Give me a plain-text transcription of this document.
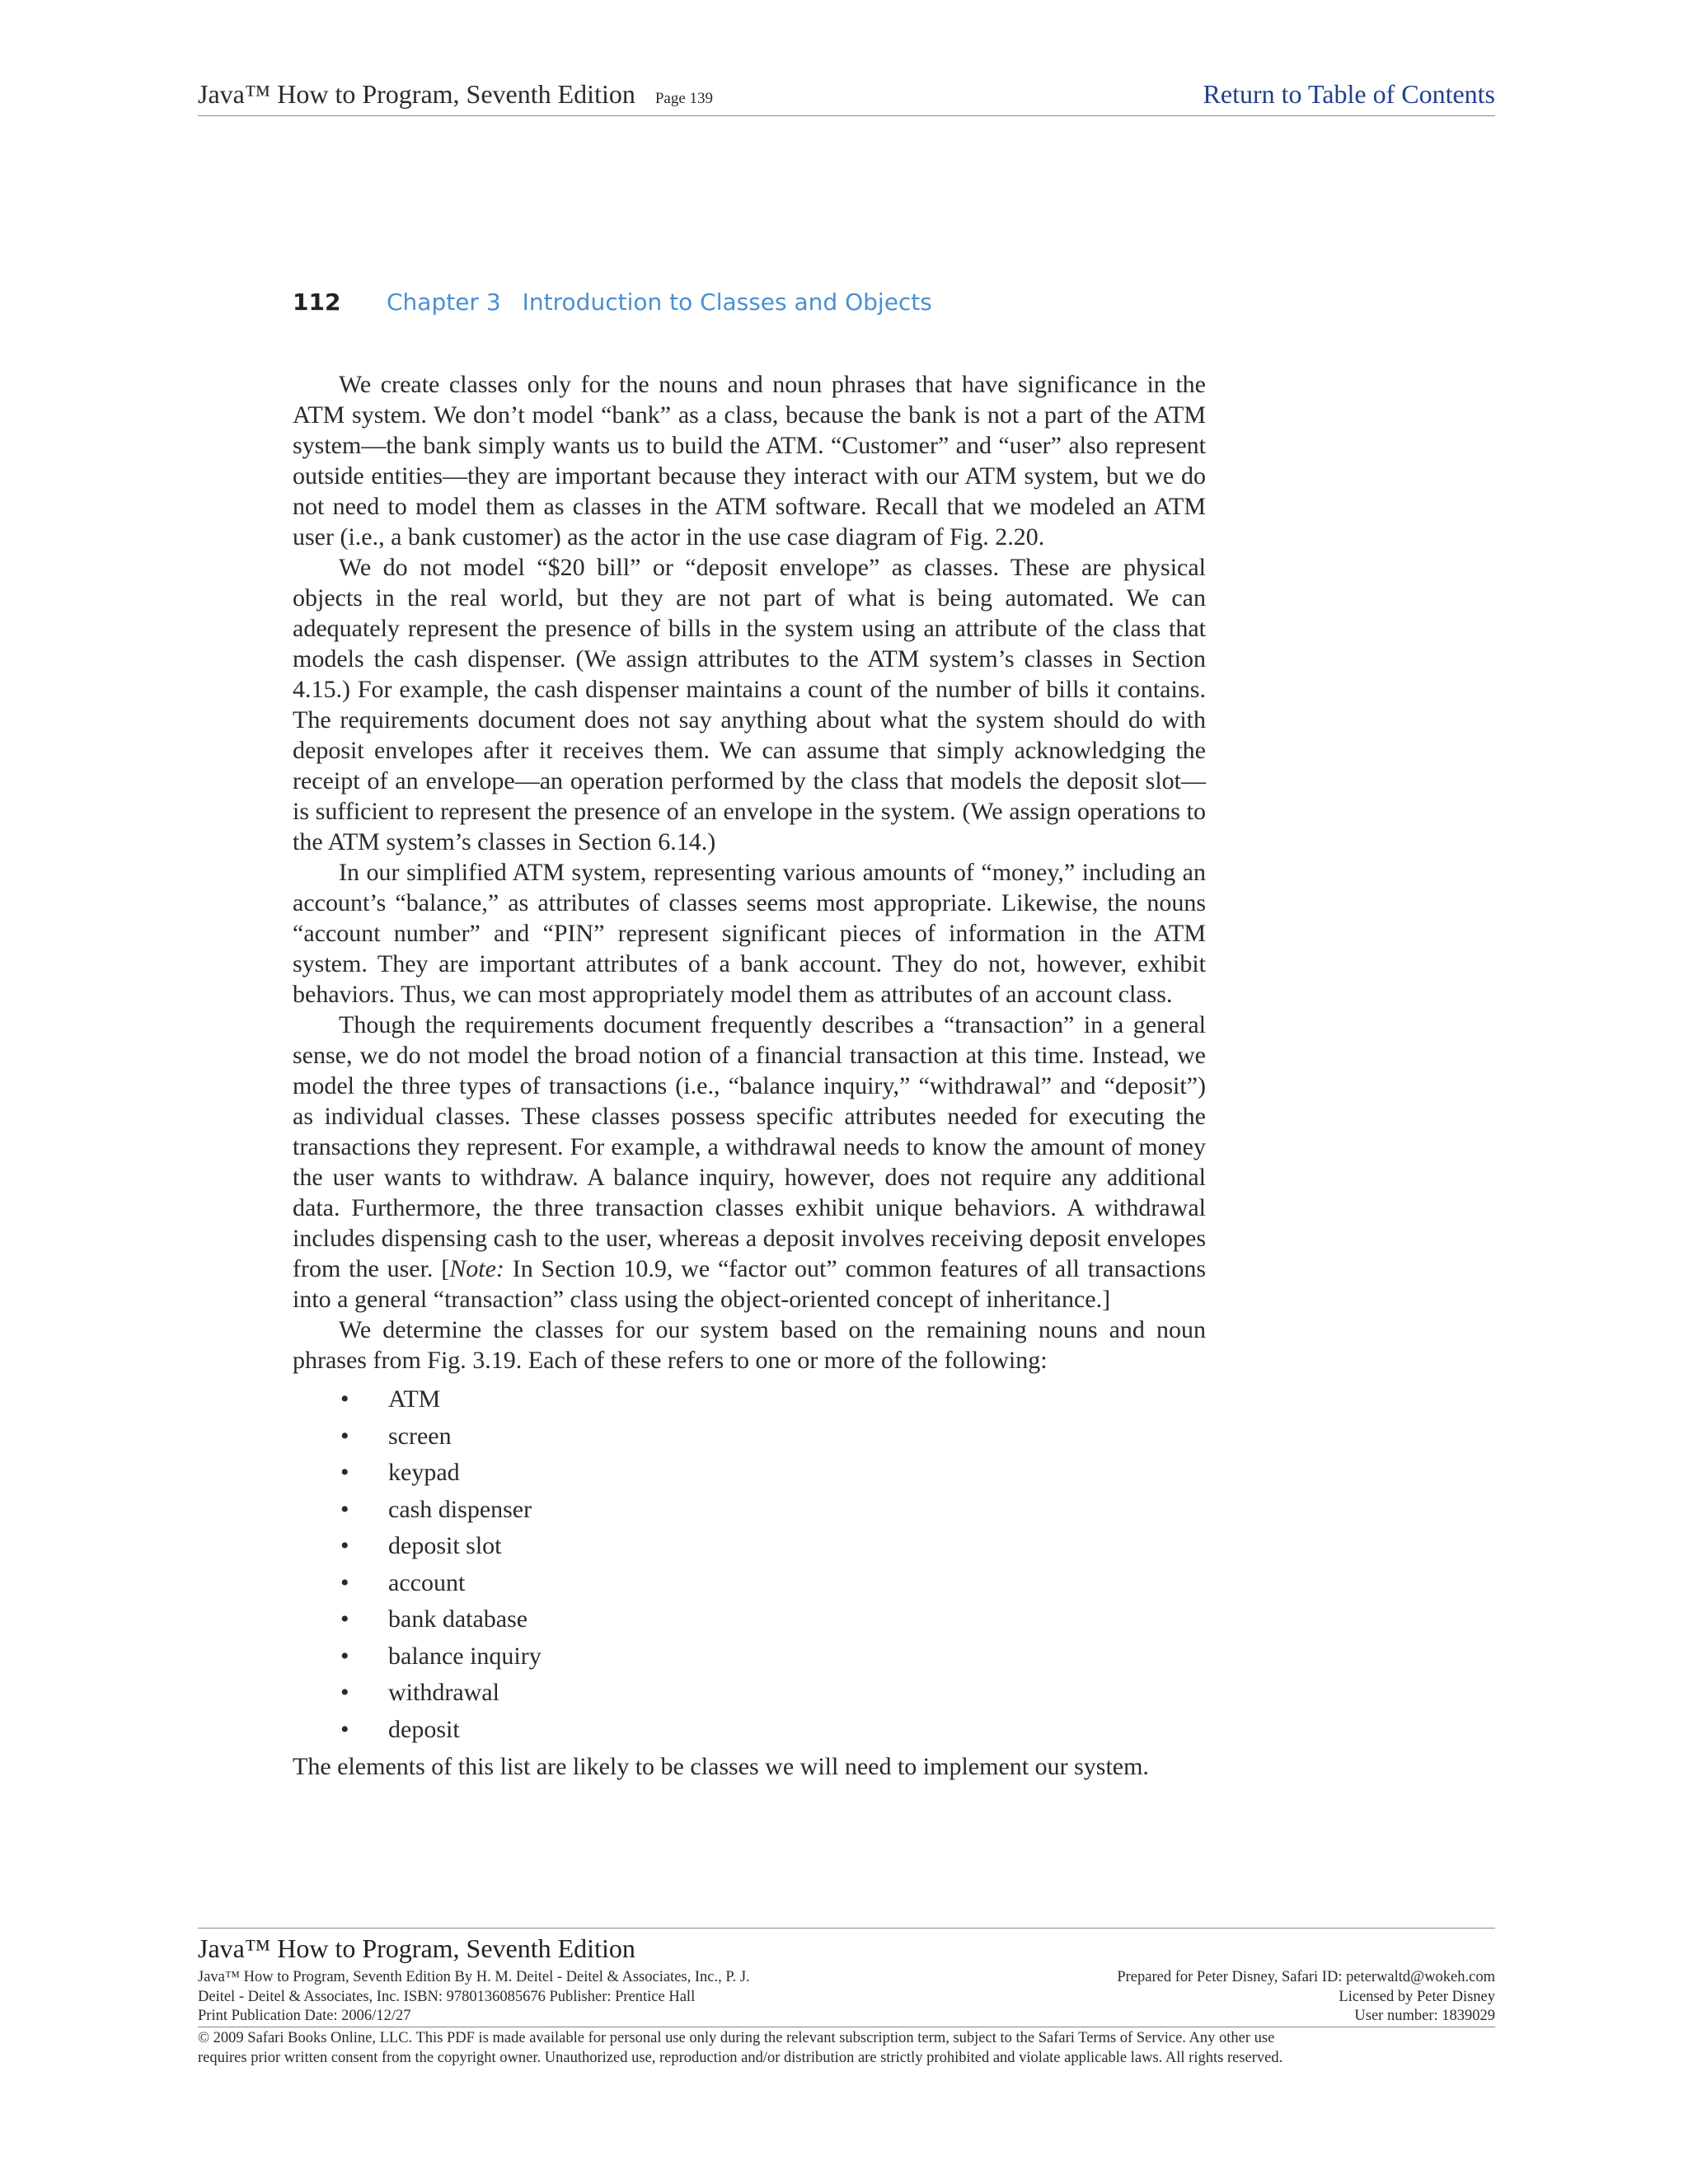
Java™ How to Program, Seventh Edition Page 139	Return to Table of Contents
112 Chapter 3 Introduction to Classes and Objects

We create classes only for the nouns and noun phrases that have significance in the ATM system. We don’t model “bank” as a class, because the bank is not a part of the ATM system—the bank simply wants us to build the ATM. “Customer” and “user” also represent outside entities—they are important because they interact with our ATM system, but we do not need to model them as classes in the ATM software. Recall that we modeled an ATM user (i.e., a bank customer) as the actor in the use case diagram of Fig. 2.20.

We do not model “$20 bill” or “deposit envelope” as classes. These are physical objects in the real world, but they are not part of what is being automated. We can adequately represent the presence of bills in the system using an attribute of the class that models the cash dispenser. (We assign attributes to the ATM system’s classes in Section 4.15.) For example, the cash dispenser maintains a count of the number of bills it contains. The requirements document does not say anything about what the system should do with deposit envelopes after it receives them. We can assume that simply acknowledging the receipt of an envelope—an operation performed by the class that models the deposit slot—is sufficient to represent the presence of an envelope in the system. (We assign operations to the ATM system’s classes in Section 6.14.)

In our simplified ATM system, representing various amounts of “money,” including an account’s “balance,” as attributes of classes seems most appropriate. Likewise, the nouns “account number” and “PIN” represent significant pieces of information in the ATM system. They are important attributes of a bank account. They do not, however, exhibit behaviors. Thus, we can most appropriately model them as attributes of an account class.

Though the requirements document frequently describes a “transaction” in a general sense, we do not model the broad notion of a financial transaction at this time. Instead, we model the three types of transactions (i.e., “balance inquiry,” “withdrawal” and “deposit”) as individual classes. These classes possess specific attributes needed for executing the transactions they represent. For example, a withdrawal needs to know the amount of money the user wants to withdraw. A balance inquiry, however, does not require any additional data. Furthermore, the three transaction classes exhibit unique behaviors. A withdrawal includes dispensing cash to the user, whereas a deposit involves receiving deposit envelopes from the user. [Note: In Section 10.9, we “factor out” common features of all transactions into a general “transaction” class using the object-oriented concept of inheritance.]

We determine the classes for our system based on the remaining nouns and noun phrases from Fig. 3.19. Each of these refers to one or more of the following:

• ATM
• screen
• keypad
• cash dispenser
• deposit slot
• account
• bank database
• balance inquiry
• withdrawal
• deposit

The elements of this list are likely to be classes we will need to implement our system.

Java™ How to Program, Seventh Edition
Java™ How to Program, Seventh Edition By H. M. Deitel - Deitel & Associates, Inc., P. J.
Deitel - Deitel & Associates, Inc. ISBN: 9780136085676 Publisher: Prentice Hall
Print Publication Date: 2006/12/27
Prepared for Peter Disney, Safari ID: peterwaltd@wokeh.com
Licensed by Peter Disney
User number: 1839029
© 2009 Safari Books Online, LLC. This PDF is made available for personal use only during the relevant subscription term, subject to the Safari Terms of Service. Any other use
requires prior written consent from the copyright owner. Unauthorized use, reproduction and/or distribution are strictly prohibited and violate applicable laws. All rights reserved.
